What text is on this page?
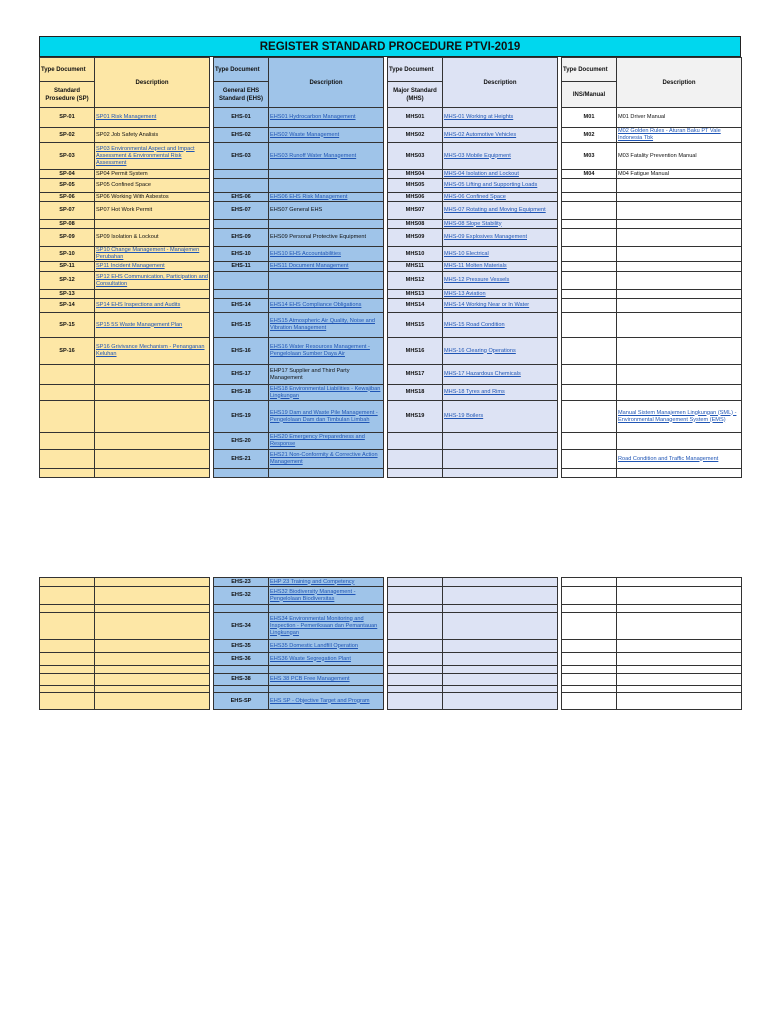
REGISTER STANDARD PROCEDURE PTVI-2019
Type Document	Description		Type Document	Description		Type Document	Description		Type Document	Description
Standard Prosedure (SP)			General EHS Standard (EHS)			Major Standard (MHS)			INS/Manual	
SP-01	SP01 Risk Management		EHS-01	EHS01 Hydrocarbon Management		MHS01	MHS-01 Working at Heights		M01	M01 Driver Manual
SP-02	SP02 Job Safety Analisis		EHS-02	EHS02 Waste Management		MHS02	MHS-02 Automotive Vehicles		M02	M02 Golden Rules - Aturan Baku PT Vale Indonesia Tbk
SP-03	SP03 Environmental Aspect and Impact Assessment & Environmental Risk Assessment		EHS-03	EHS03 Runoff Water Management		MHS03	MHS-03 Mobile Equipment		M03	M03 Fatality Prevention Manual
SP-04	SP04 Permit System					MHS04	MHS-04 Isolation and Lockout		M04	M04 Fatigue Manual
SP-05	SP05 Confined Space					MHS05	MHS-05 Lifting and Supporting Loads			
SP-06	SP06 Working With Asbestos		EHS-06	EHS06 EHS Risk Management		MHS06	MHS-06 Confined Space			
SP-07	SP07 Hot Work Permit		EHS-07	EHS07 General EHS		MHS07	MHS-07 Rotating and Moving Equipment			
SP-08						MHS08	MHS-08 Slope Stability			
SP-09	SP09 Isolation & Lockout		EHS-09	EHS09 Personal Protective Equipment		MHS09	MHS-09 Explosives Management			
SP-10	SP10 Change Management - Manajemen Perubahan		EHS-10	EHS10 EHS Accountabilities		MHS10	MHS-10 Electrical			
SP-11	SP11 Incident Management		EHS-11	EHS11 Document Management		MHS11	MHS-11 Molten Materials			
SP-12	SP12 EHS Communication, Participation and Consultation					MHS12	MHS-12 Pressure Vessels			
SP-13						MHS13	MHS-13 Aviation			
SP-14	SP14 EHS Inspections and Audits		EHS-14	EHS14 EHS Compliance Obligations		MHS14	MHS-14 Working Near or In Water			
SP-15	SP15 5S Waste Management Plan		EHS-15	EHS15 Atmospheric Air Quality, Noise and Vibration Management		MHS15	MHS-15 Road Condition			
SP-16	SP16 Grivivance Mechanism - Penanganan Keluhan		EHS-16	EHS16 Water Resources Management - Pengelolaan Sumber Daya Air		MHS16	MHS-16 Clearing Operations			
			EHS-17	EHP17 Supplier and Third Party Management		MHS17	MHS-17 Hazardous Chemicals			
			EHS-18	EHS18 Environmental Liabilities - Kewajiban Lingkungan		MHS18	MHS-18 Tyres and Rims			
			EHS-19	EHS19 Dam and Waste Pile Management - Pengelolaan Dam dan Timbulan Limbah		MHS19	MHS-19 Boilers			Manual Sistem Manajemen Lingkungan (SML) - Environmental Management System (EMS)
			EHS-20	EHS20 Emergency Preparedness and Response						
			EHS-21	EHS21 Non-Conformity & Corrective Action Management						Road Condition and Traffic Management

			EHS-23	EHP 23 Training and Competency						
			EHS-32	EHS32 Biodiversity Management - Pengelolaan Biodiversitas						

			EHS-34	EHS34 Environmental Monitoring and Inspection - Pemeriksaan dan Pemantauan Lingkungan						
			EHS-35	EHS35 Domestic Landfill Operation						
			EHS-36	EHS36 Waste Segregation Plant						

			EHS-38	EHS 38 PCB Free Management						

			EHS-SP	EHS SP - Objective Target and Program						
